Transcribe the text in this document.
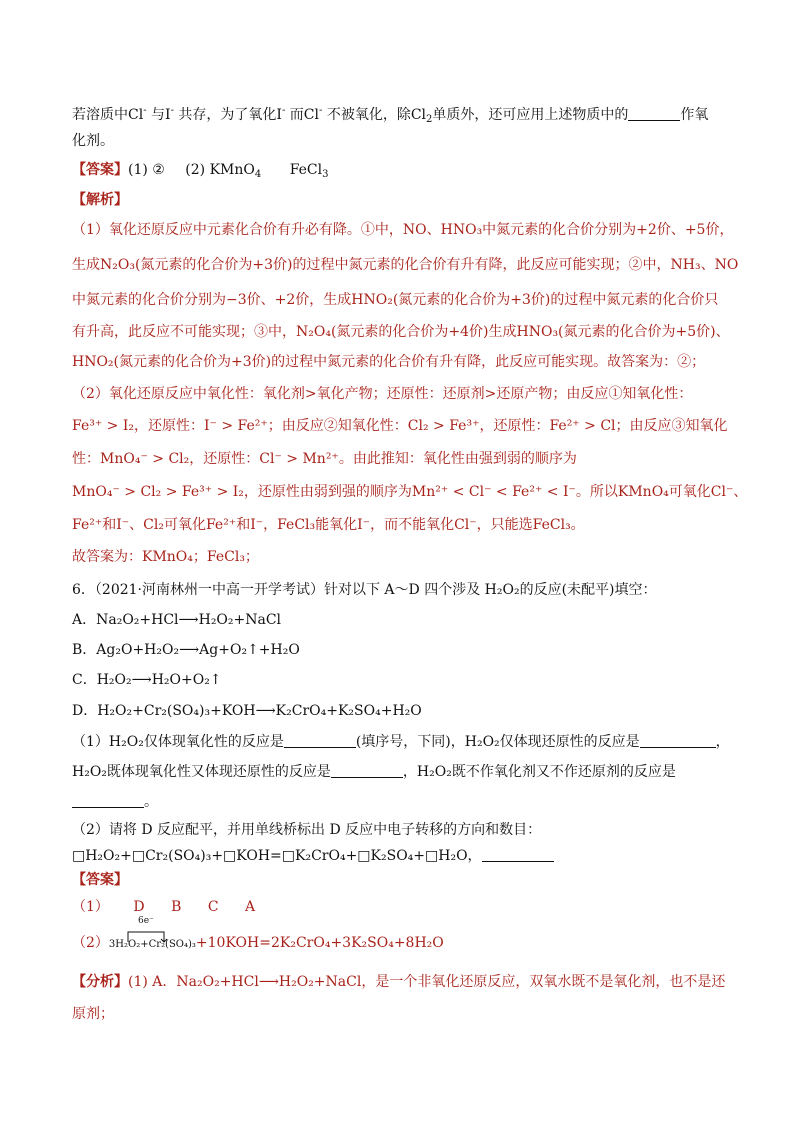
若溶质中Cl- 与I- 共存，为了氧化I- 而Cl- 不被氧化，除$Cl_2$单质外，还可应用上述物质中的	作氧
化剂。
【答案】(1) ② (2) KMnO$_4$ FeCl$_3$
【解析】
（1）氧化还原反应中元素化合价有升必有降。①中，NO、HNO₃中氮元素的化合价分别为+2价、+5价，
生成N₂O₃(氮元素的化合价为+3价)的过程中氮元素的化合价有升有降，此反应可能实现；②中，NH₃、NO
中氮元素的化合价分别为−3价、+2价，生成HNO₂(氮元素的化合价为+3价)的过程中氮元素的化合价只
有升高，此反应不可能实现；③中，N₂O₄(氮元素的化合价为+4价)生成HNO₃(氮元素的化合价为+5价)、
HNO₂(氮元素的化合价为+3价)的过程中氮元素的化合价有升有降，此反应可能实现。故答案为：②；
（2）氧化还原反应中氧化性：氧化剂>氧化产物；还原性：还原剂>还原产物；由反应①知氧化性：
Fe³⁺ > I₂，还原性：I⁻ > Fe²⁺；由反应②知氧化性：Cl₂ > Fe³⁺，还原性：Fe²⁺ > Cl；由反应③知氧化
性：MnO₄⁻ > Cl₂，还原性：Cl⁻ > Mn²⁺。由此推知：氧化性由强到弱的顺序为
MnO₄⁻ > Cl₂ > Fe³⁺ > I₂，还原性由弱到强的顺序为Mn²⁺ < Cl⁻ < Fe²⁺ < I⁻。所以KMnO₄可氧化Cl⁻、
Fe²⁺和I⁻、Cl₂可氧化Fe²⁺和I⁻，FeCl₃能氧化I⁻，而不能氧化Cl⁻，只能选FeCl₃。
故答案为：KMnO₄；FeCl₃；
6．（2021·河南林州一中高一开学考试）针对以下 A～D 四个涉及 H₂O₂的反应(未配平)填空：
A．Na₂O₂+HCl⟶H₂O₂+NaCl
B．Ag₂O+H₂O₂⟶Ag+O₂↑+H₂O
C．H₂O₂⟶H₂O+O₂↑
D．H₂O₂+Cr₂(SO₄)₃+KOH⟶K₂CrO₄+K₂SO₄+H₂O
（1）H₂O₂仅体现氧化性的反应是	(填序号，下同)，H₂O₂仅体现还原性的反应是	，
H₂O₂既体现氧化性又体现还原性的反应是	，H₂O₂既不作氧化剂又不作还原剂的反应是
。
（2）请将 D 反应配平，并用单线桥标出 D 反应中电子转移的方向和数目：
□H₂O₂+□Cr₂(SO₄)₃+□KOH=□K₂CrO₄+□K₂SO₄+□H₂O，
【答案】
（1） D B C A
6e⁻
（2）3H₂O₂+Cr₂(SO₄)₃+10KOH=2K₂CrO₄+3K₂SO₄+8H₂O
【分析】(1) A．Na₂O₂+HCl⟶H₂O₂+NaCl，是一个非氧化还原反应，双氧水既不是氧化剂，也不是还
原剂；
